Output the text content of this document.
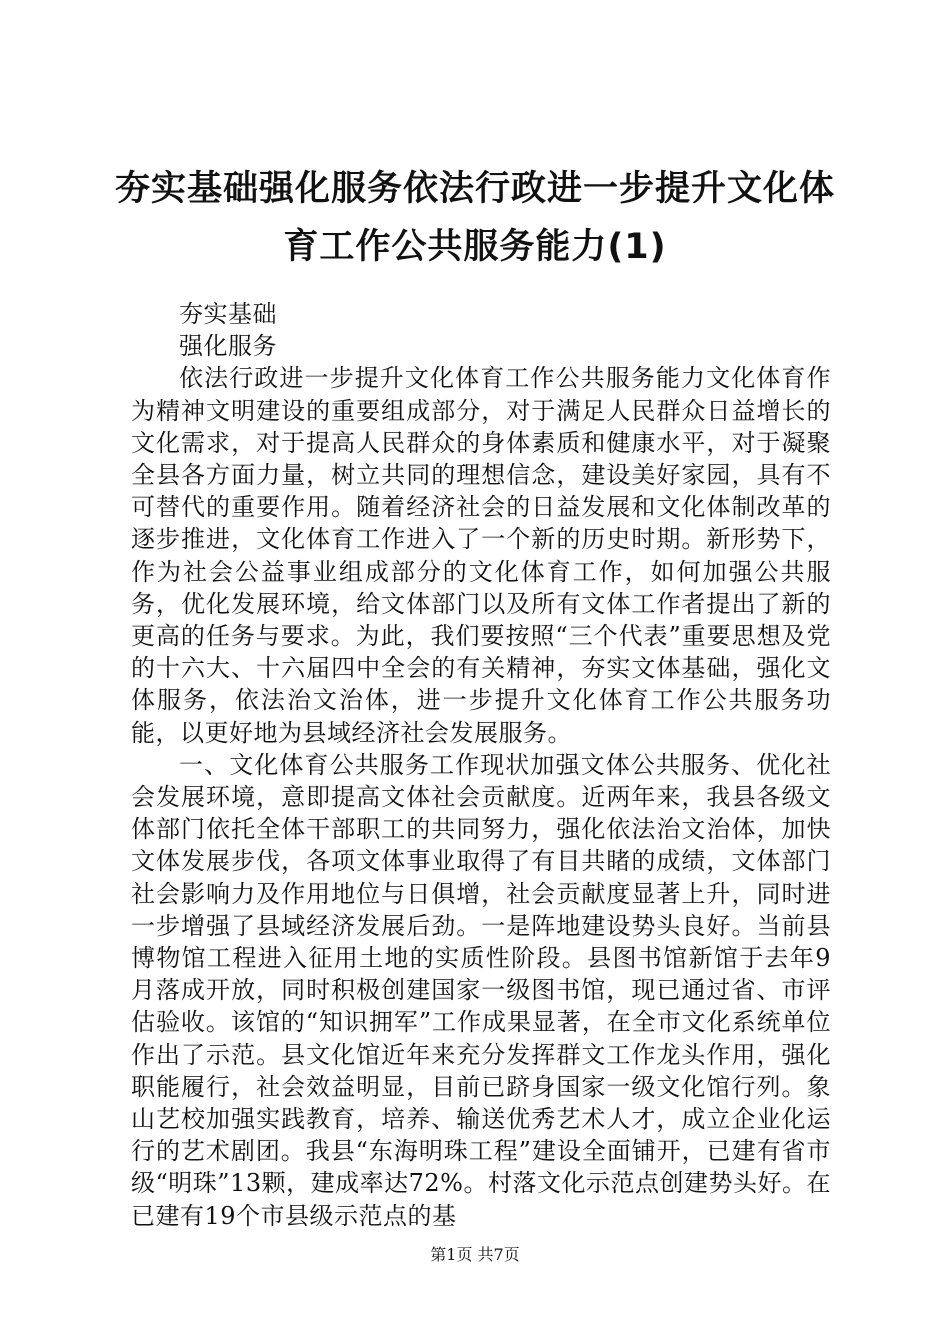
夯实基础强化服务依法行政进一步提升文化体育工作公共服务能力(1)

夯实基础

强化服务

依法行政进一步提升文化体育工作公共服务能力文化体育作为精神文明建设的重要组成部分，对于满足人民群众日益增长的文化需求，对于提高人民群众的身体素质和健康水平，对于凝聚全县各方面力量，树立共同的理想信念，建设美好家园，具有不可替代的重要作用。随着经济社会的日益发展和文化体制改革的逐步推进，文化体育工作进入了一个新的历史时期。新形势下，作为社会公益事业组成部分的文化体育工作，如何加强公共服务，优化发展环境，给文体部门以及所有文体工作者提出了新的更高的任务与要求。为此，我们要按照“三个代表”重要思想及党的十六大、十六届四中全会的有关精神，夯实文体基础，强化文体服务，依法治文治体，进一步提升文化体育工作公共服务功能，以更好地为县域经济社会发展服务。

一、文化体育公共服务工作现状加强文体公共服务、优化社会发展环境，意即提高文体社会贡献度。近两年来，我县各级文体部门依托全体干部职工的共同努力，强化依法治文治体，加快文体发展步伐，各项文体事业取得了有目共睹的成绩，文体部门社会影响力及作用地位与日俱增，社会贡献度显著上升，同时进一步增强了县域经济发展后劲。一是阵地建设势头良好。当前县博物馆工程进入征用土地的实质性阶段。县图书馆新馆于去年9月落成开放，同时积极创建国家一级图书馆，现已通过省、市评估验收。该馆的“知识拥军”工作成果显著，在全市文化系统单位作出了示范。县文化馆近年来充分发挥群文工作龙头作用，强化职能履行，社会效益明显，目前已跻身国家一级文化馆行列。象山艺校加强实践教育，培养、输送优秀艺术人才，成立企业化运行的艺术剧团。我县“东海明珠工程”建设全面铺开，已建有省市级“明珠”13颗，建成率达72%。村落文化示范点创建势头好。在已建有19个市县级示范点的基

第1页 共7页
